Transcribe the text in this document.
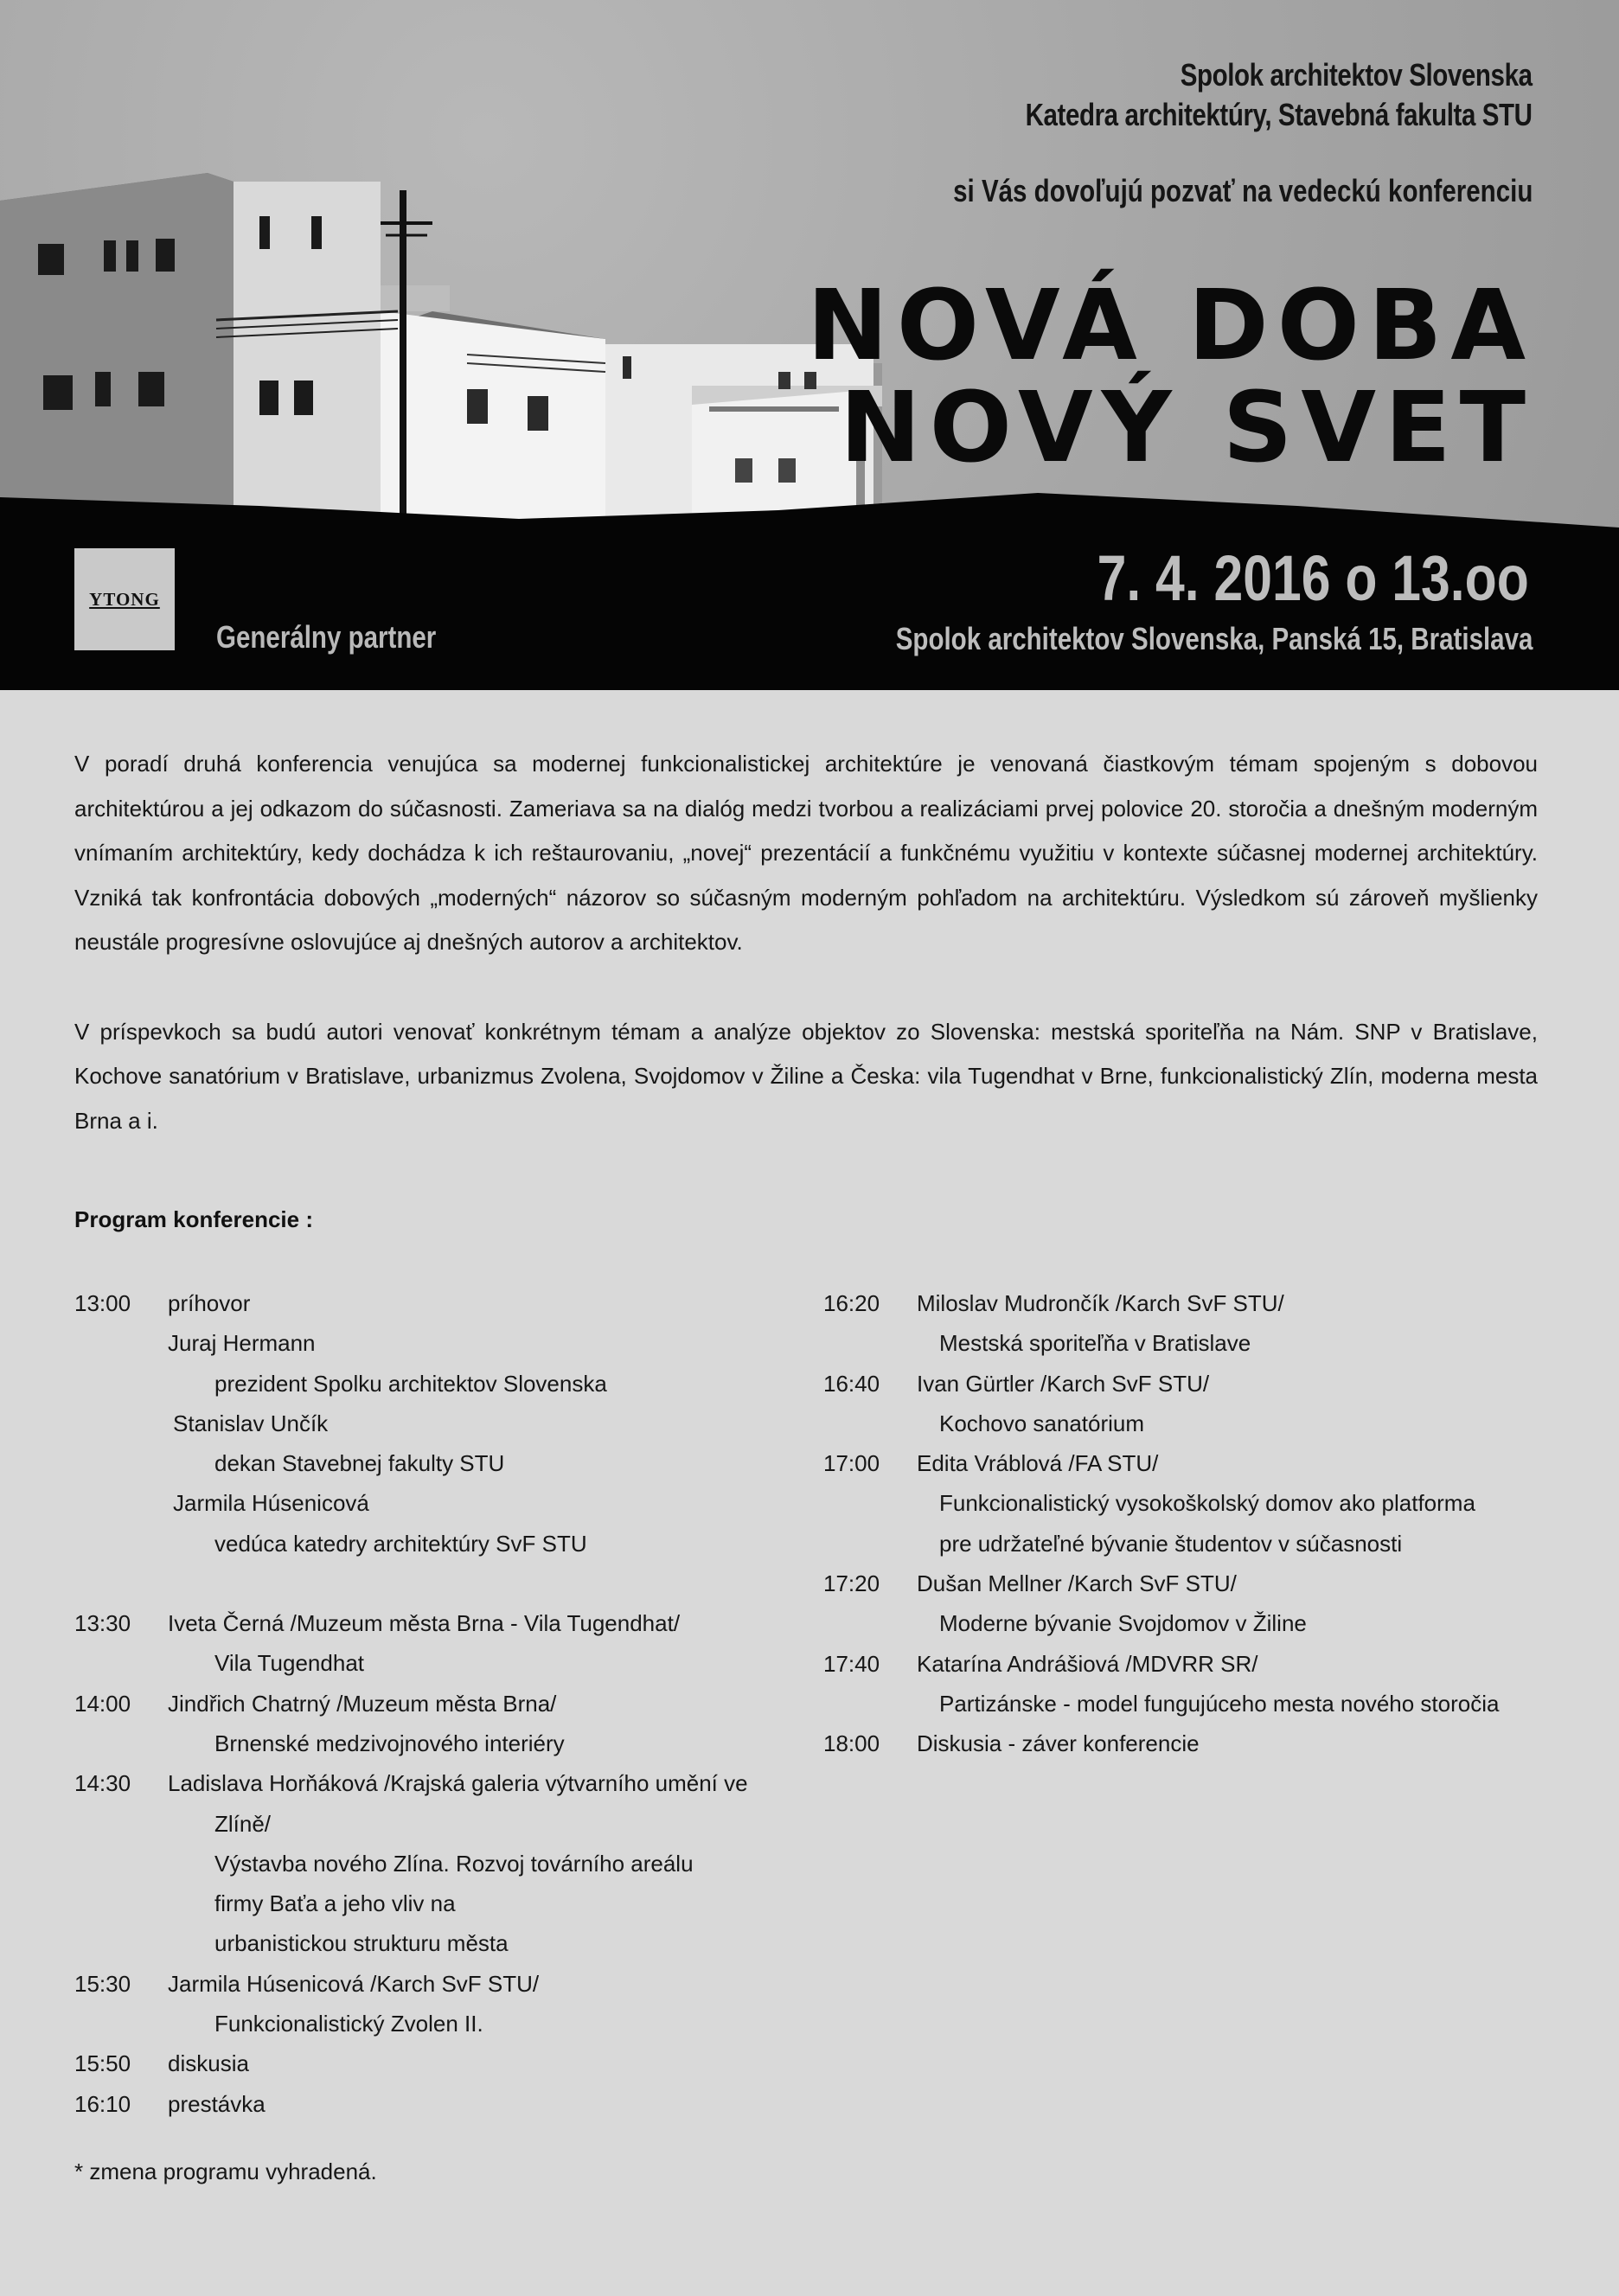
Spolok architektov Slovenska
Katedra architektúry, Stavebná fakulta STU
si Vás dovoľujú pozvať na vedeckú konferenciu
NOVÁ DOBA
NOVÝ SVET
YTONG
Generálny partner
7. 4. 2016 o 13.oo
Spolok architektov Slovenska, Panská 15, Bratislava

V poradí druhá konferencia venujúca sa modernej funkcionalistickej architektúre je venovaná čiastkovým témam spojeným s dobovou architektúrou a jej odkazom do súčasnosti. Zameriava sa na dialóg medzi tvorbou a realizáciami prvej polovice 20. storočia a dnešným moderným vnímaním architektúry, kedy dochádza k ich reštaurovaniu, „novej“ prezentácií a funkčnému využitiu v kontexte súčasnej modernej architektúry. Vzniká tak konfrontácia dobových „moderných“ názorov so súčasným moderným pohľadom na architektúru. Výsledkom sú zároveň myšlienky neustále progresívne oslovujúce aj dnešných autorov a architektov.

V príspevkoch sa budú autori venovať konkrétnym témam a analýze objektov zo Slovenska: mestská sporiteľňa na Nám. SNP v Bratislave, Kochove sanatórium v Bratislave, urbanizmus Zvolena, Svojdomov v Žiline a Česka: vila Tugendhat v Brne, funkcionalistický Zlín, moderna mesta Brna a i.

Program konferencie :
13:00	príhovor
Juraj Hermann
prezident Spolku architektov Slovenska
Stanislav Unčík
dekan Stavebnej fakulty STU
Jarmila Húsenicová
vedúca katedry architektúry SvF STU
13:30	Iveta Černá /Muzeum města Brna - Vila Tugendhat/
Vila Tugendhat
14:00	Jindřich Chatrný /Muzeum města Brna/
Brnenské medzivojnového interiéry
14:30	Ladislava Horňáková /Krajská galeria výtvarního umění ve
Zlíně/
Výstavba nového Zlína. Rozvoj továrního areálu
firmy Baťa a jeho vliv na
urbanistickou strukturu města
15:30	Jarmila Húsenicová /Karch SvF STU/
Funkcionalistický Zvolen II.
15:50	diskusia
16:10	prestávka
16:20	Miloslav Mudrončík /Karch SvF STU/
Mestská sporiteľňa v Bratislave
16:40	Ivan Gürtler /Karch SvF STU/
Kochovo sanatórium
17:00	Edita Vráblová /FA STU/
Funkcionalistický vysokoškolský domov ako platforma
pre udržateľné bývanie študentov v súčasnosti
17:20	Dušan Mellner /Karch SvF STU/
Moderne bývanie Svojdomov v Žiline
17:40	Katarína Andrášiová /MDVRR SR/
Partizánske - model fungujúceho mesta nového storočia
18:00	Diskusia - záver konferencie
* zmena programu vyhradená.
